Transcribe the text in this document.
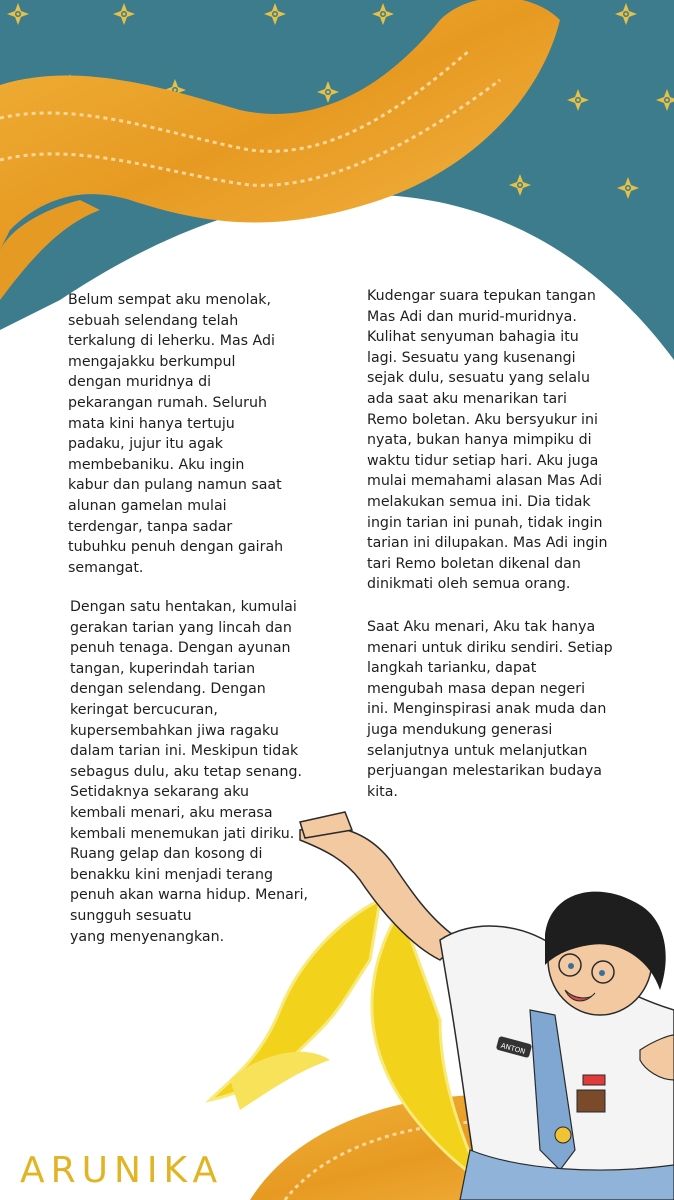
ANTON
Belum sempat aku menolak,
sebuah selendang telah
terkalung di leherku. Mas Adi
mengajakku berkumpul
dengan muridnya di
pekarangan rumah. Seluruh
mata kini hanya tertuju
padaku, jujur itu agak
membebaniku. Aku ingin
kabur dan pulang namun saat
alunan gamelan mulai
terdengar, tanpa sadar
tubuhku penuh dengan gairah
semangat.
Dengan satu hentakan, kumulai
gerakan tarian yang lincah dan
penuh tenaga. Dengan ayunan
tangan, kuperindah tarian
dengan selendang. Dengan
keringat bercucuran,
kupersembahkan jiwa ragaku
dalam tarian ini. Meskipun tidak
sebagus dulu, aku tetap senang.
Setidaknya sekarang aku
kembali menari, aku merasa
kembali menemukan jati diriku.
Ruang gelap dan kosong di
benakku kini menjadi terang
penuh akan warna hidup. Menari,
sungguh sesuatu
yang menyenangkan.
Kudengar suara tepukan tangan
Mas Adi dan murid-muridnya.
Kulihat senyuman bahagia itu
lagi. Sesuatu yang kusenangi
sejak dulu, sesuatu yang selalu
ada saat aku menarikan tari
Remo boletan. Aku bersyukur ini
nyata, bukan hanya mimpiku di
waktu tidur setiap hari. Aku juga
mulai memahami alasan Mas Adi
melakukan semua ini. Dia tidak
ingin tarian ini punah, tidak ingin
tarian ini dilupakan. Mas Adi ingin
tari Remo boletan dikenal dan
dinikmati oleh semua orang.
Saat Aku menari, Aku tak hanya
menari untuk diriku sendiri. Setiap
langkah tarianku, dapat
mengubah masa depan negeri
ini. Menginspirasi anak muda dan
juga mendukung generasi
selanjutnya untuk melanjutkan
perjuangan melestarikan budaya
kita.
ARUNIKA
